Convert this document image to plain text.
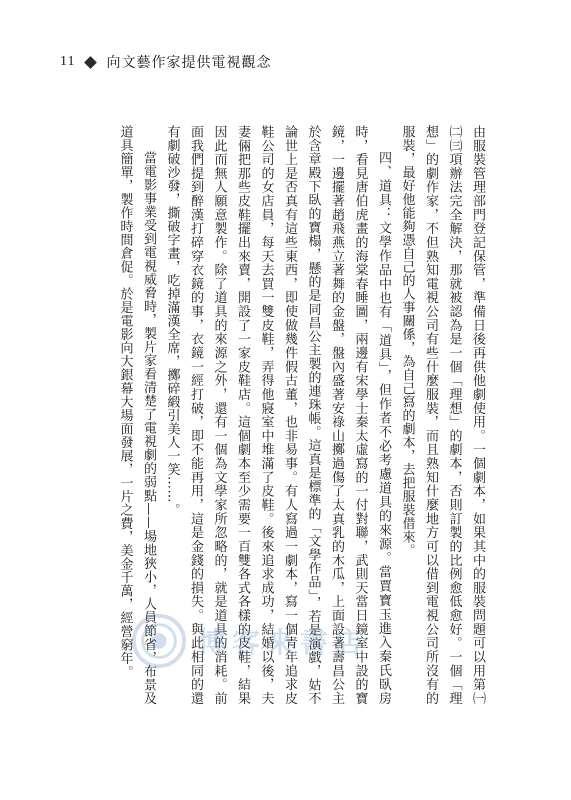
11 向文藝作家提供電視觀念

由服裝管理部門登記保管，準備日後再供他劇使用。一個劇本，如果其中的服裝問題可以用第㈠㈡㈢項辦法完全解決，那就被認為是一個「理想」的劇本，否則訂製的比例愈低愈好。一個「理想」的劇作家，不但熟知電視公司有些什麼服裝，而且熟知什麼地方可以借到電視公司所沒有的服裝，最好他能夠憑自己的人事關係，為自己寫的劇本，去把服裝借來。

四、道具：文學作品中也有「道具」，但作者不必考慮道具的來源。當賈寶玉進入秦氏臥房時，看見唐伯虎畫的海棠春睡圖，兩邊有宋學士秦太虛寫的一付對聯，武則天當日鏡室中設的寶鏡，一邊擺著趙飛燕立著舞的金盤，盤內盛著安祿山擲過傷了太真乳的木瓜，上面設著壽昌公主於含章殿下臥的寶榻，懸的是同昌公主製的連珠帳。這真是標準的「文學作品」，若是演戲，姑不論世上是否真有這些東西，即使做幾件假古董，也非易事。有人寫過一劇本，寫一個青年追求皮鞋公司的女店員，每天去買一雙皮鞋，弄得他寢室中堆滿了皮鞋。後來追求成功，結婚以後，夫妻倆把那些皮鞋擺出來賣，開設了一家皮鞋店。這個劇本至少需要一百雙各式各樣的皮鞋，結果因此而無人願意製作。除了道具的來源之外，還有一個為文學家所忽略的，就是道具的消耗。前面我們提到醉漢打碎穿衣鏡的事，衣鏡一經打破，即不能再用，這是金錢的損失。與此相同的還有劇破沙發，撕破字畫，吃掉滿漢全席，擲碎緞引美人一笑……。

當電影事業受到電視威脅時，製片家看清楚了電視劇的弱點——場地狹小，人員節省，布景及道具簡單，製作時間倉促。於是電影向大銀幕大場面發展，一片之費，美金千萬，經營窮年。	博客來書店
